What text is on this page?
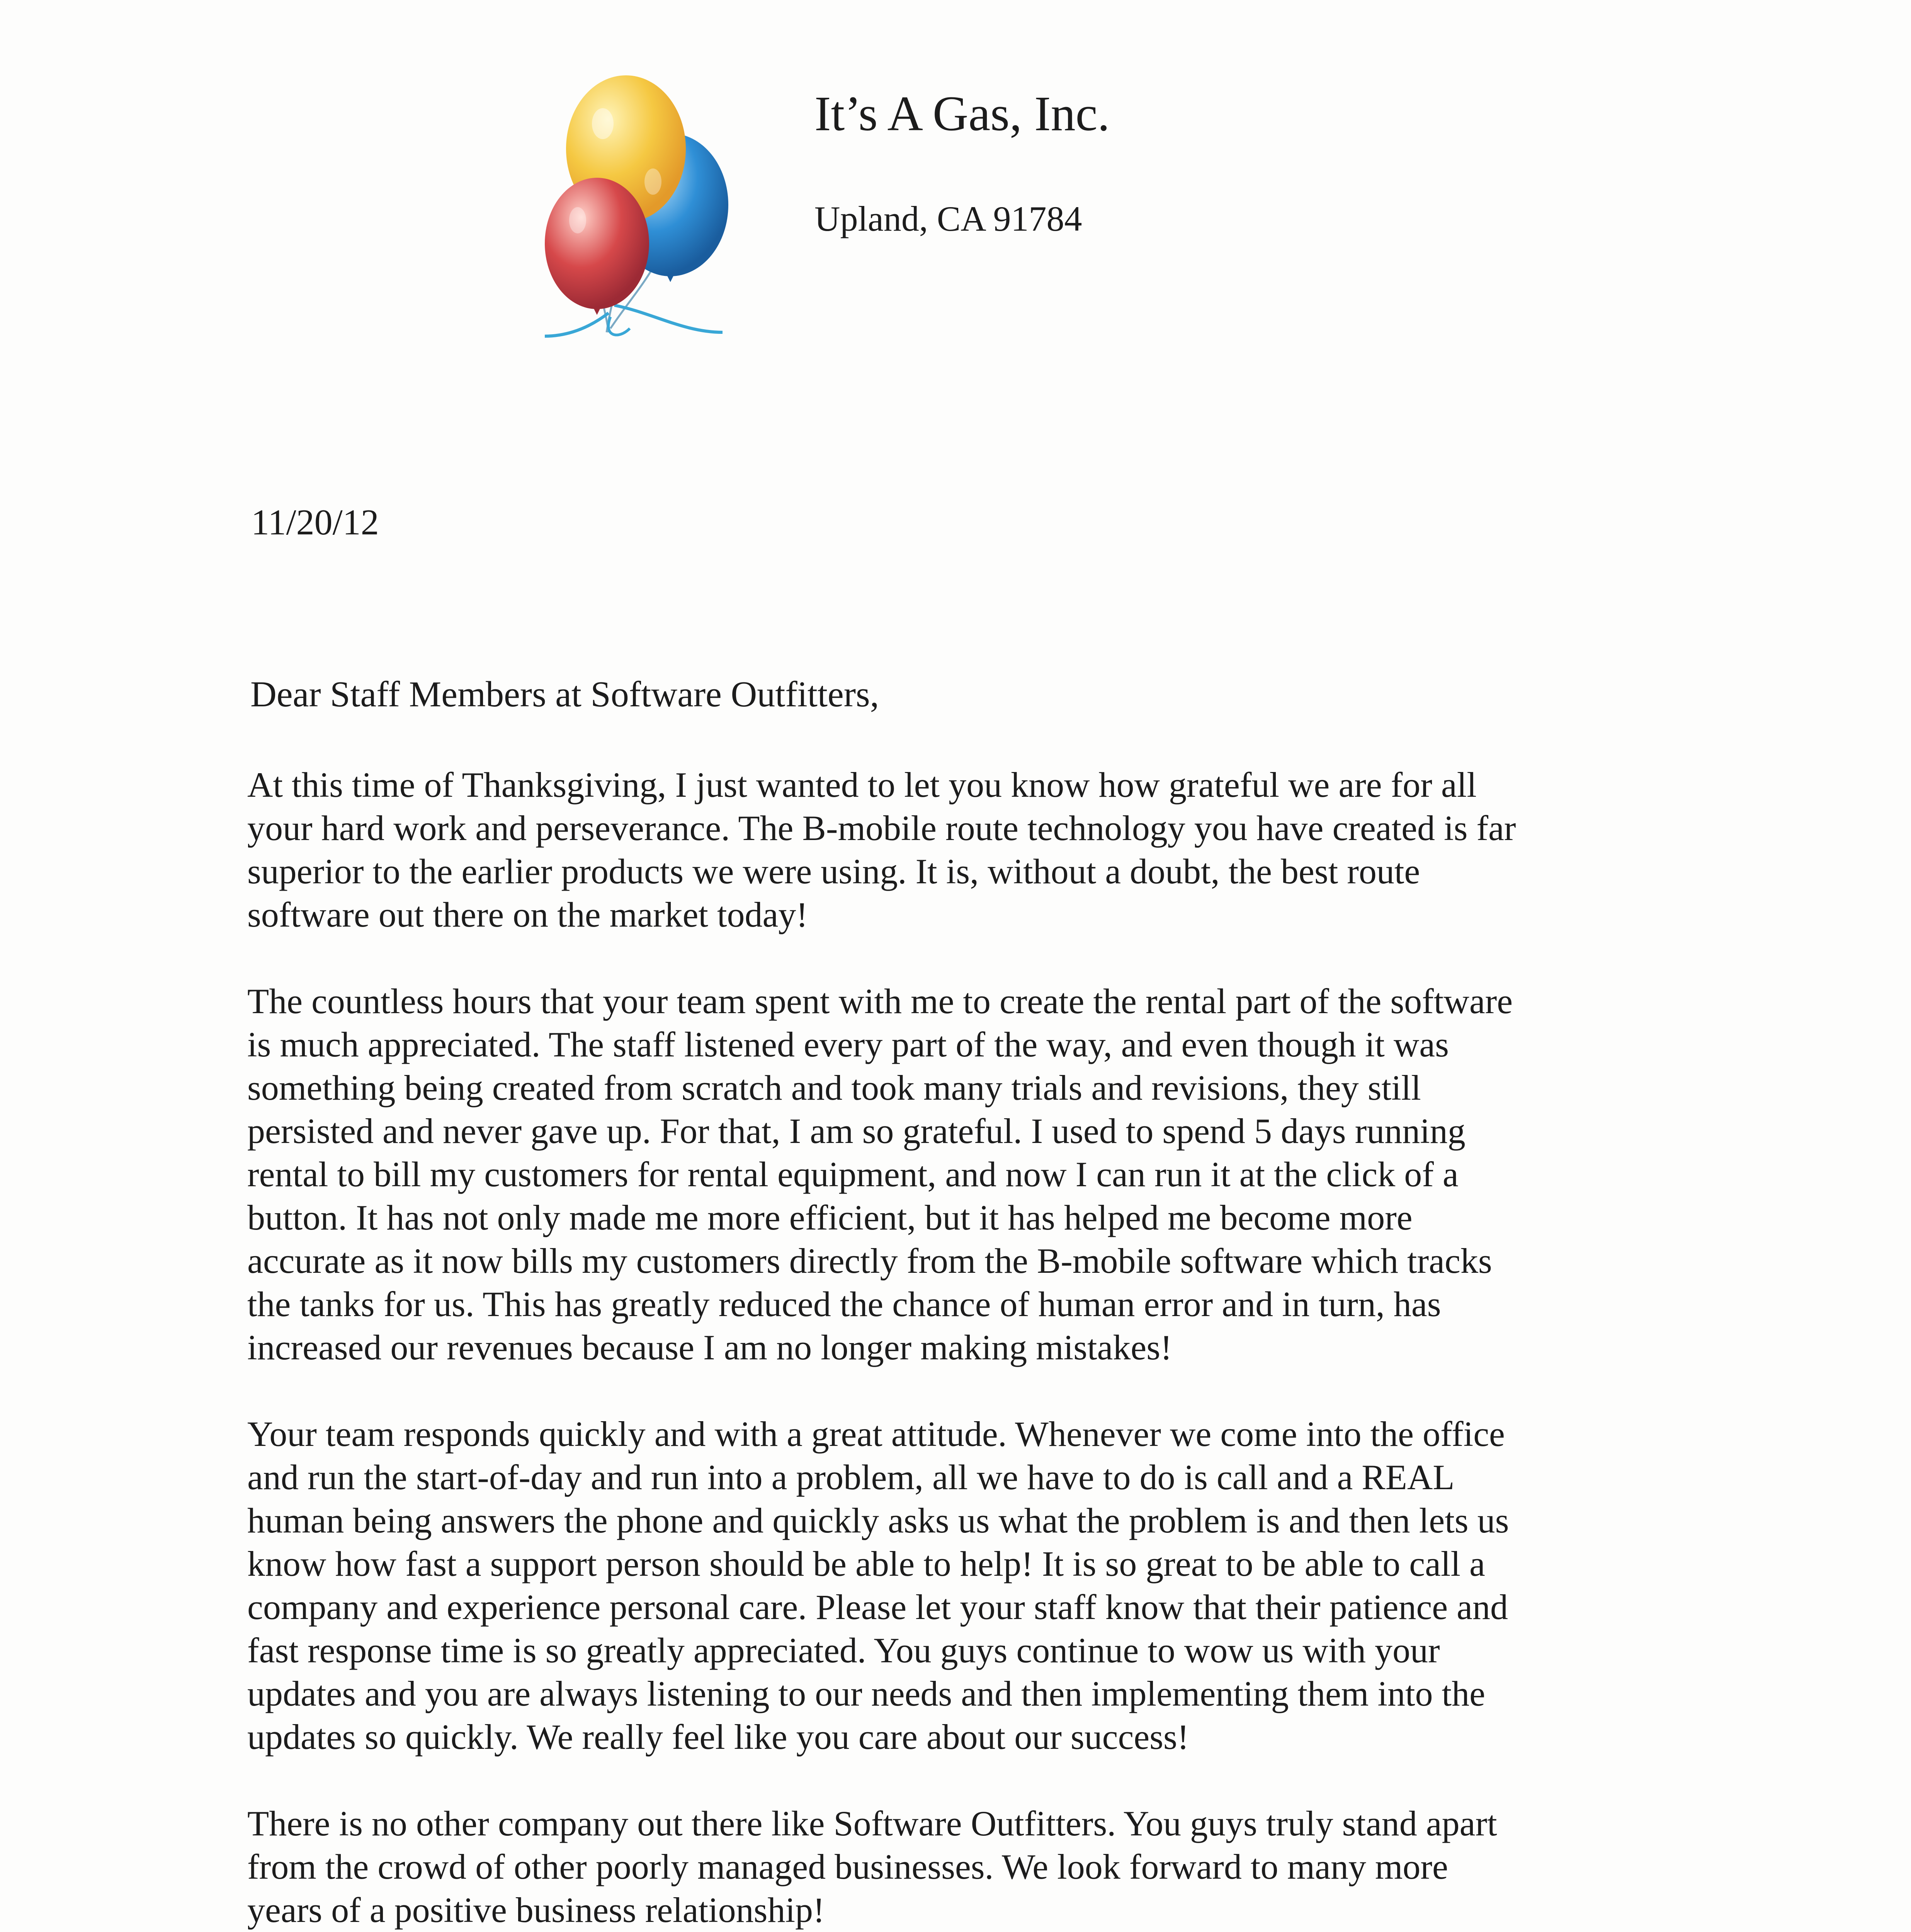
It’s A Gas, Inc.
Upland, CA 91784
11/20/12
Dear Staff Members at Software Outfitters,
At this time of Thanksgiving, I just wanted to let you know how grateful we are for all
your hard work and perseverance. The B-mobile route technology you have created is far
superior to the earlier products we were using. It is, without a doubt, the best route
software out there on the market today!
The countless hours that your team spent with me to create the rental part of the software
is much appreciated. The staff listened every part of the way, and even though it was
something being created from scratch and took many trials and revisions, they still
persisted and never gave up. For that, I am so grateful. I used to spend 5 days running
rental to bill my customers for rental equipment, and now I can run it at the click of a
button. It has not only made me more efficient, but it has helped me become more
accurate as it now bills my customers directly from the B-mobile software which tracks
the tanks for us. This has greatly reduced the chance of human error and in turn, has
increased our revenues because I am no longer making mistakes!
Your team responds quickly and with a great attitude. Whenever we come into the office
and run the start-of-day and run into a problem, all we have to do is call and a REAL
human being answers the phone and quickly asks us what the problem is and then lets us
know how fast a support person should be able to help! It is so great to be able to call a
company and experience personal care. Please let your staff know that their patience and
fast response time is so greatly appreciated. You guys continue to wow us with your
updates and you are always listening to our needs and then implementing them into the
updates so quickly. We really feel like you care about our success!
There is no other company out there like Software Outfitters. You guys truly stand apart
from the crowd of other poorly managed businesses. We look forward to many more
years of a positive business relationship!
